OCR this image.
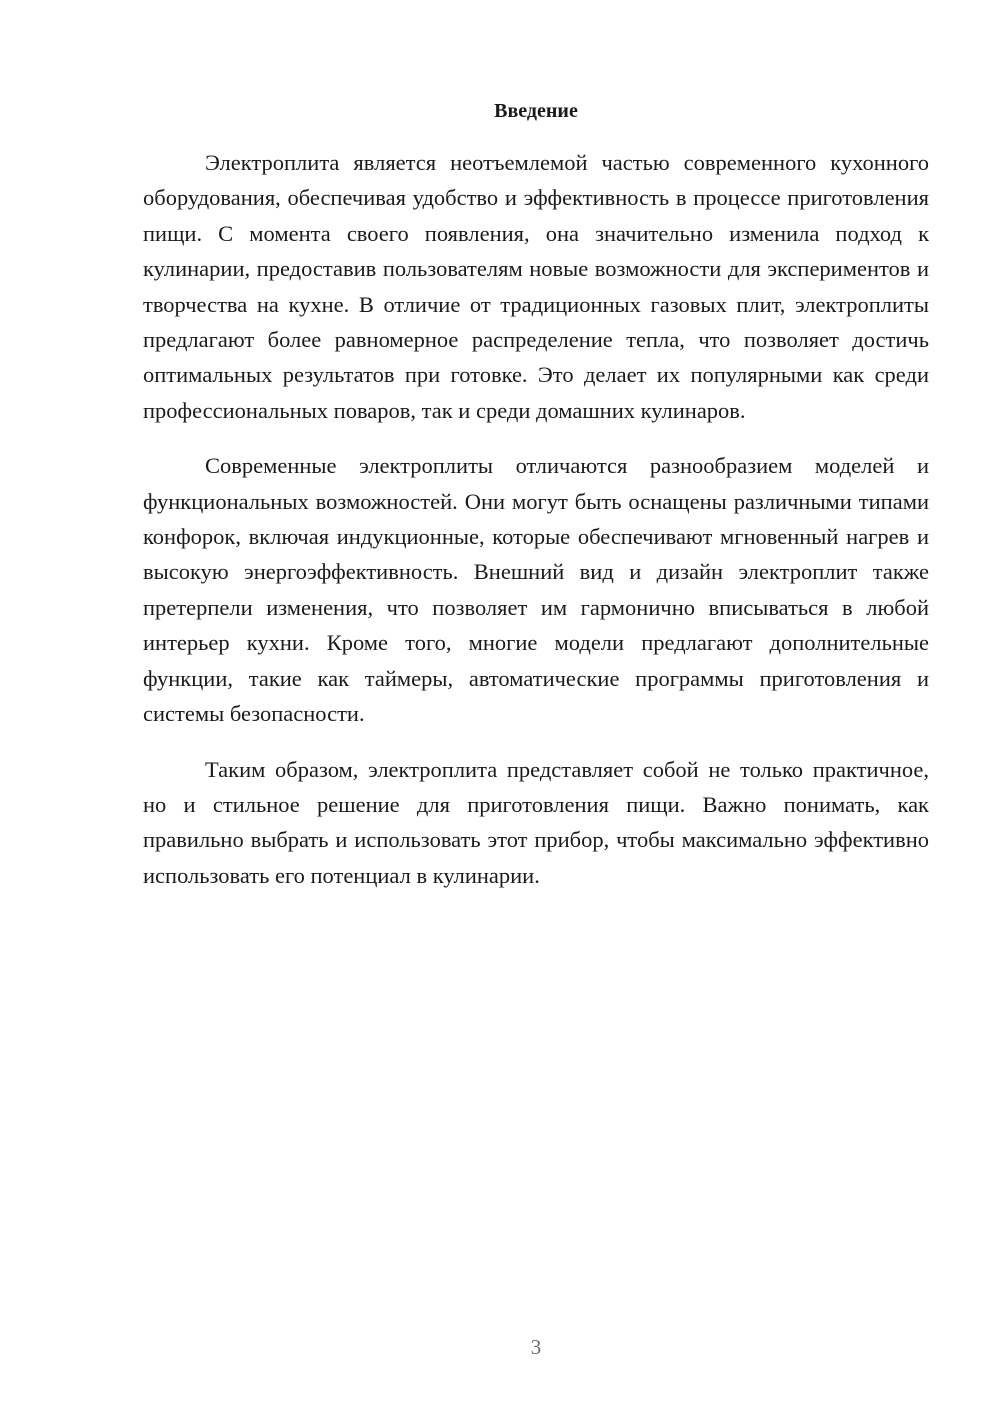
Введение

Электроплита является неотъемлемой частью современного кухонного оборудования, обеспечивая удобство и эффективность в процессе приготовления пищи. С момента своего появления, она значительно изменила подход к кулинарии, предоставив пользователям новые возможности для экспериментов и творчества на кухне. В отличие от традиционных газовых плит, электроплиты предлагают более равномерное распределение тепла, что позволяет достичь оптимальных результатов при готовке. Это делает их популярными как среди профессиональных поваров, так и среди домашних кулинаров.

Современные электроплиты отличаются разнообразием моделей и функциональных возможностей. Они могут быть оснащены различными типами конфорок, включая индукционные, которые обеспечивают мгновенный нагрев и высокую энергоэффективность. Внешний вид и дизайн электроплит также претерпели изменения, что позволяет им гармонично вписываться в любой интерьер кухни. Кроме того, многие модели предлагают дополнительные функции, такие как таймеры, автоматические программы приготовления и системы безопасности.

Таким образом, электроплита представляет собой не только практичное, но и стильное решение для приготовления пищи. Важно понимать, как правильно выбрать и использовать этот прибор, чтобы максимально эффективно использовать его потенциал в кулинарии.

3
